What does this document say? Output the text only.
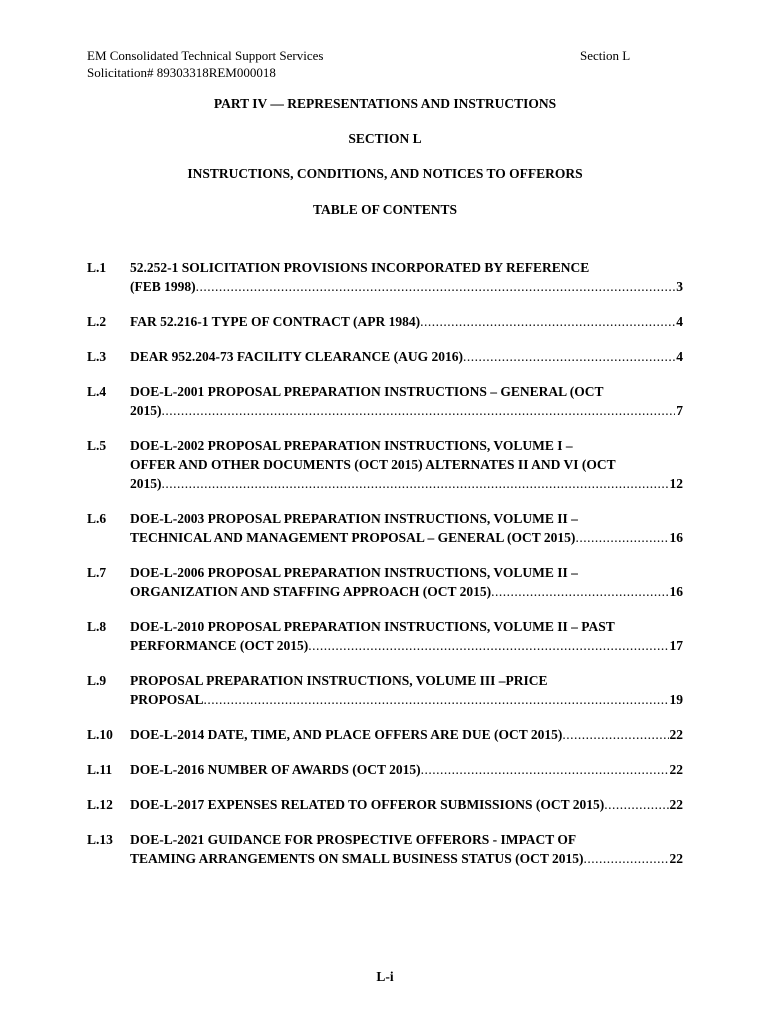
EM Consolidated Technical Support Services
Solicitation# 89303318REM000018
Section L
PART IV — REPRESENTATIONS AND INSTRUCTIONS
SECTION L
INSTRUCTIONS, CONDITIONS, AND NOTICES TO OFFERORS
TABLE OF CONTENTS
L.1	52.252-1 SOLICITATION PROVISIONS INCORPORATED BY REFERENCE
(FEB 1998) .....	3
L.2	FAR 52.216-1 TYPE OF CONTRACT (APR 1984) .....	4
L.3	DEAR 952.204-73 FACILITY CLEARANCE (AUG 2016) .....	4
L.4	DOE-L-2001 PROPOSAL PREPARATION INSTRUCTIONS – GENERAL (OCT
2015) .....	7
L.5	DOE-L-2002 PROPOSAL PREPARATION INSTRUCTIONS, VOLUME I –
OFFER AND OTHER DOCUMENTS (OCT 2015) ALTERNATES II AND VI (OCT
2015) .....	12
L.6	DOE-L-2003 PROPOSAL PREPARATION INSTRUCTIONS, VOLUME II –
TECHNICAL AND MANAGEMENT PROPOSAL – GENERAL (OCT 2015) .....	16
L.7	DOE-L-2006 PROPOSAL PREPARATION INSTRUCTIONS, VOLUME II –
ORGANIZATION AND STAFFING APPROACH (OCT 2015) .....	16
L.8	DOE-L-2010 PROPOSAL PREPARATION INSTRUCTIONS, VOLUME II – PAST
PERFORMANCE (OCT 2015) .....	17
L.9	PROPOSAL PREPARATION INSTRUCTIONS, VOLUME III –PRICE
PROPOSAL .....	19
L.10	DOE-L-2014 DATE, TIME, AND PLACE OFFERS ARE DUE (OCT 2015) .....	22
L.11	DOE-L-2016 NUMBER OF AWARDS (OCT 2015) .....	22
L.12	DOE-L-2017 EXPENSES RELATED TO OFFEROR SUBMISSIONS (OCT 2015) .....	22
L.13	DOE-L-2021 GUIDANCE FOR PROSPECTIVE OFFERORS - IMPACT OF
TEAMING ARRANGEMENTS ON SMALL BUSINESS STATUS (OCT 2015) .....	22
L-i
